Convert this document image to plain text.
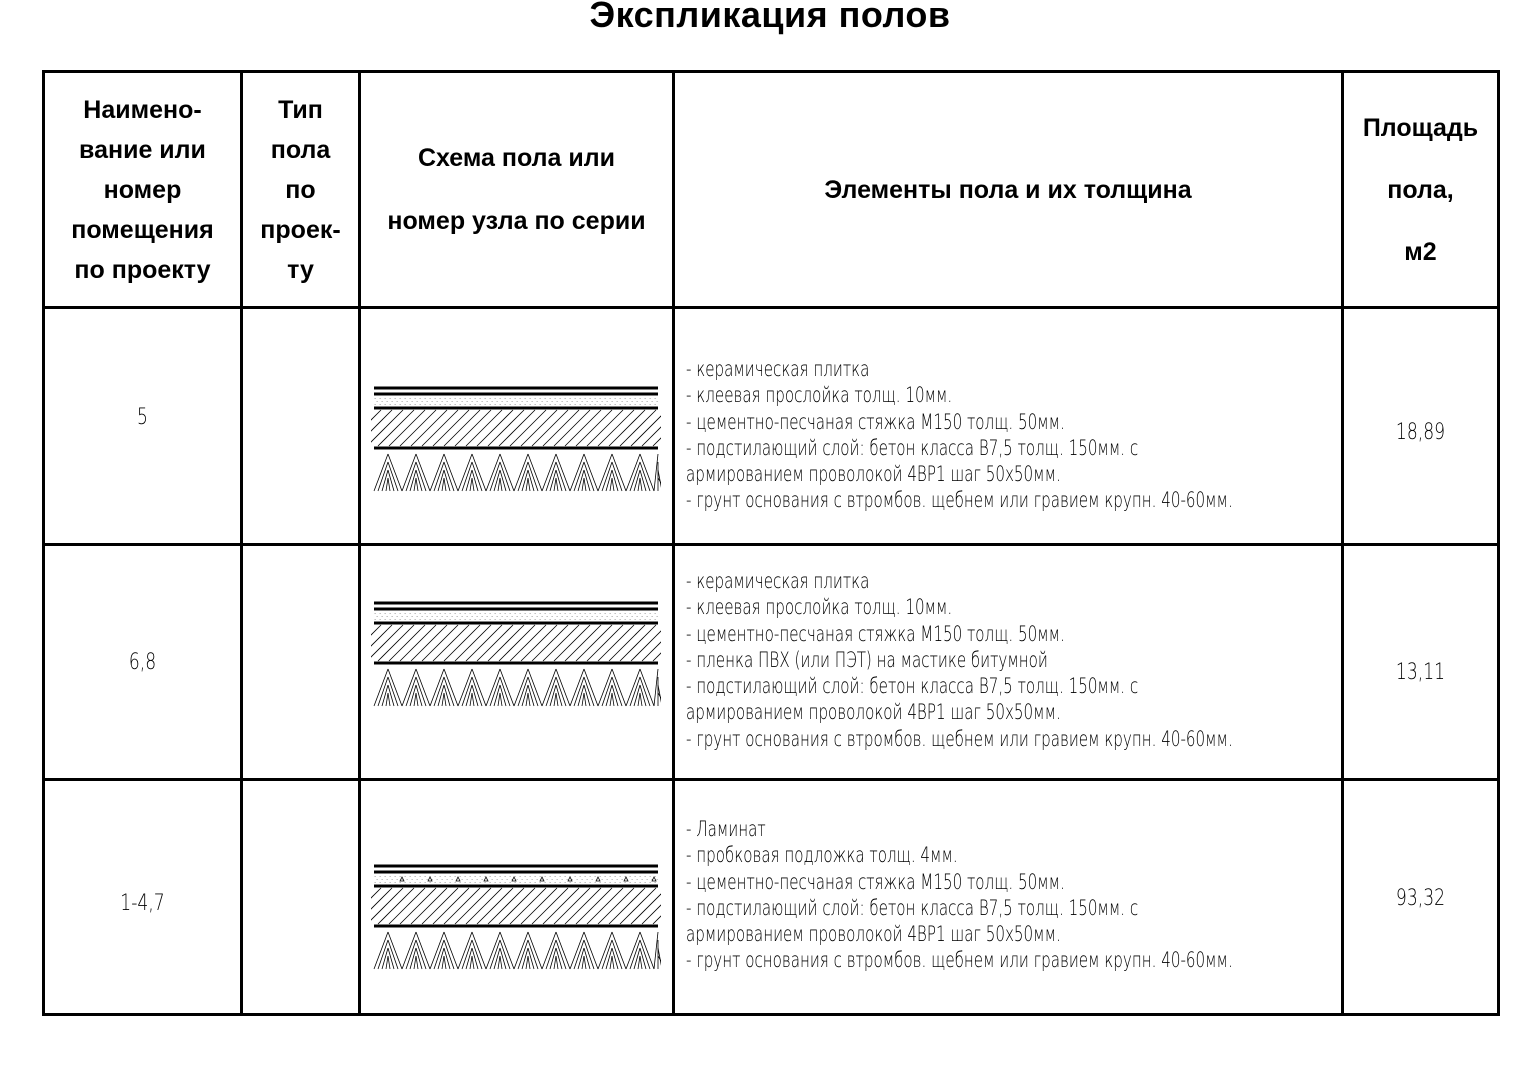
Экспликация полов
Наимено-
вание или
номер
помещения
по проекту
Тип
пола
по
проек-
ту
Схема пола или
номер узла по серии
Элементы пола и их толщина
Площадь
пола,
м2
5
- керамическая плитка
- клеевая прослойка толщ. 10мм.
- цементно-песчаная стяжка М150 толщ. 50мм.
- подстилающий слой: бетон класса В7,5 толщ. 150мм. с
армированием проволокой 4ВР1 шаг 50х50мм.
- грунт основания с втромбов. щебнем или гравием крупн. 40-60мм.
18,89
6,8
- керамическая плитка
- клеевая прослойка толщ. 10мм.
- цементно-песчаная стяжка М150 толщ. 50мм.
- пленка ПВХ (или ПЭТ) на мастике битумной
- подстилающий слой: бетон класса В7,5 толщ. 150мм. с
армированием проволокой 4ВР1 шаг 50х50мм.
- грунт основания с втромбов. щебнем или гравием крупн. 40-60мм.
13,11
1-4,7
- Ламинат
- пробковая подложка толщ. 4мм.
- цементно-песчаная стяжка М150 толщ. 50мм.
- подстилающий слой: бетон класса В7,5 толщ. 150мм. с
армированием проволокой 4ВР1 шаг 50х50мм.
- грунт основания с втромбов. щебнем или гравием крупн. 40-60мм.
93,32
